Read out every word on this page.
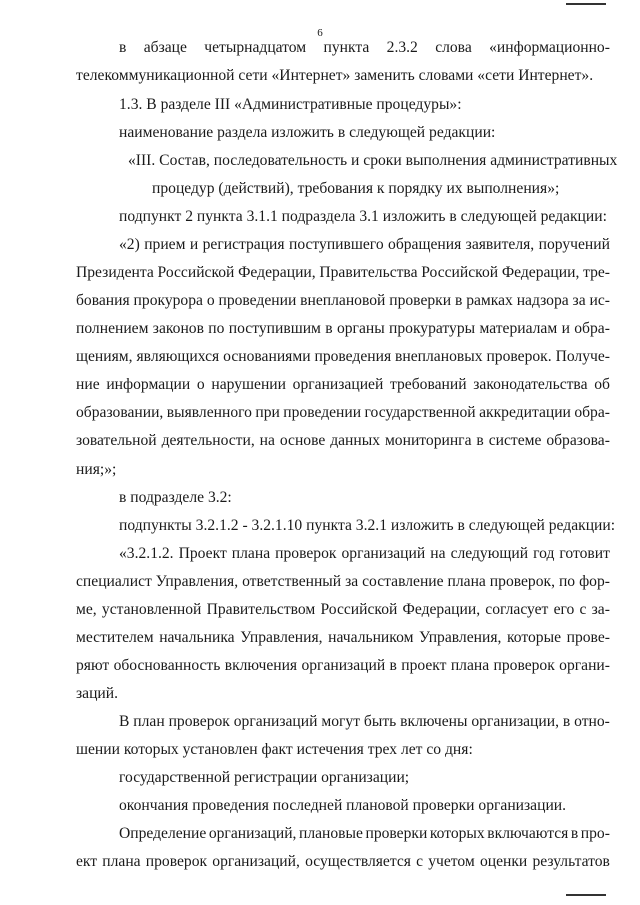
6
в абзаце четырнадцатом пункта 2.3.2 слова «информационно-
телекоммуникационной сети «Интернет» заменить словами «сети Интернет».
1.3. В разделе III «Административные процедуры»:
наименование раздела изложить в следующей редакции:
«III. Состав, последовательность и сроки выполнения административных
процедур (действий), требования к порядку их выполнения»;
подпункт 2 пункта 3.1.1 подраздела 3.1 изложить в следующей редакции:
«2) прием и регистрация поступившего обращения заявителя, поручений
Президента Российской Федерации, Правительства Российской Федерации, тре-
бования прокурора о проведении внеплановой проверки в рамках надзора за ис-
полнением законов по поступившим в органы прокуратуры материалам и обра-
щениям, являющихся основаниями проведения внеплановых проверок. Получе-
ние информации о нарушении организацией требований законодательства об
образовании, выявленного при проведении государственной аккредитации обра-
зовательной деятельности, на основе данных мониторинга в системе образова-
ния;»;
в подразделе 3.2:
подпункты 3.2.1.2 - 3.2.1.10 пункта 3.2.1 изложить в следующей редакции:
«3.2.1.2. Проект плана проверок организаций на следующий год готовит
специалист Управления, ответственный за составление плана проверок, по фор-
ме, установленной Правительством Российской Федерации, согласует его с за-
местителем начальника Управления, начальником Управления, которые прове-
ряют обоснованность включения организаций в проект плана проверок органи-
заций.
В план проверок организаций могут быть включены организации, в отно-
шении которых установлен факт истечения трех лет со дня:
государственной регистрации организации;
окончания проведения последней плановой проверки организации.
Определение организаций, плановые проверки которых включаются в про-
ект плана проверок организаций, осуществляется с учетом оценки результатов
